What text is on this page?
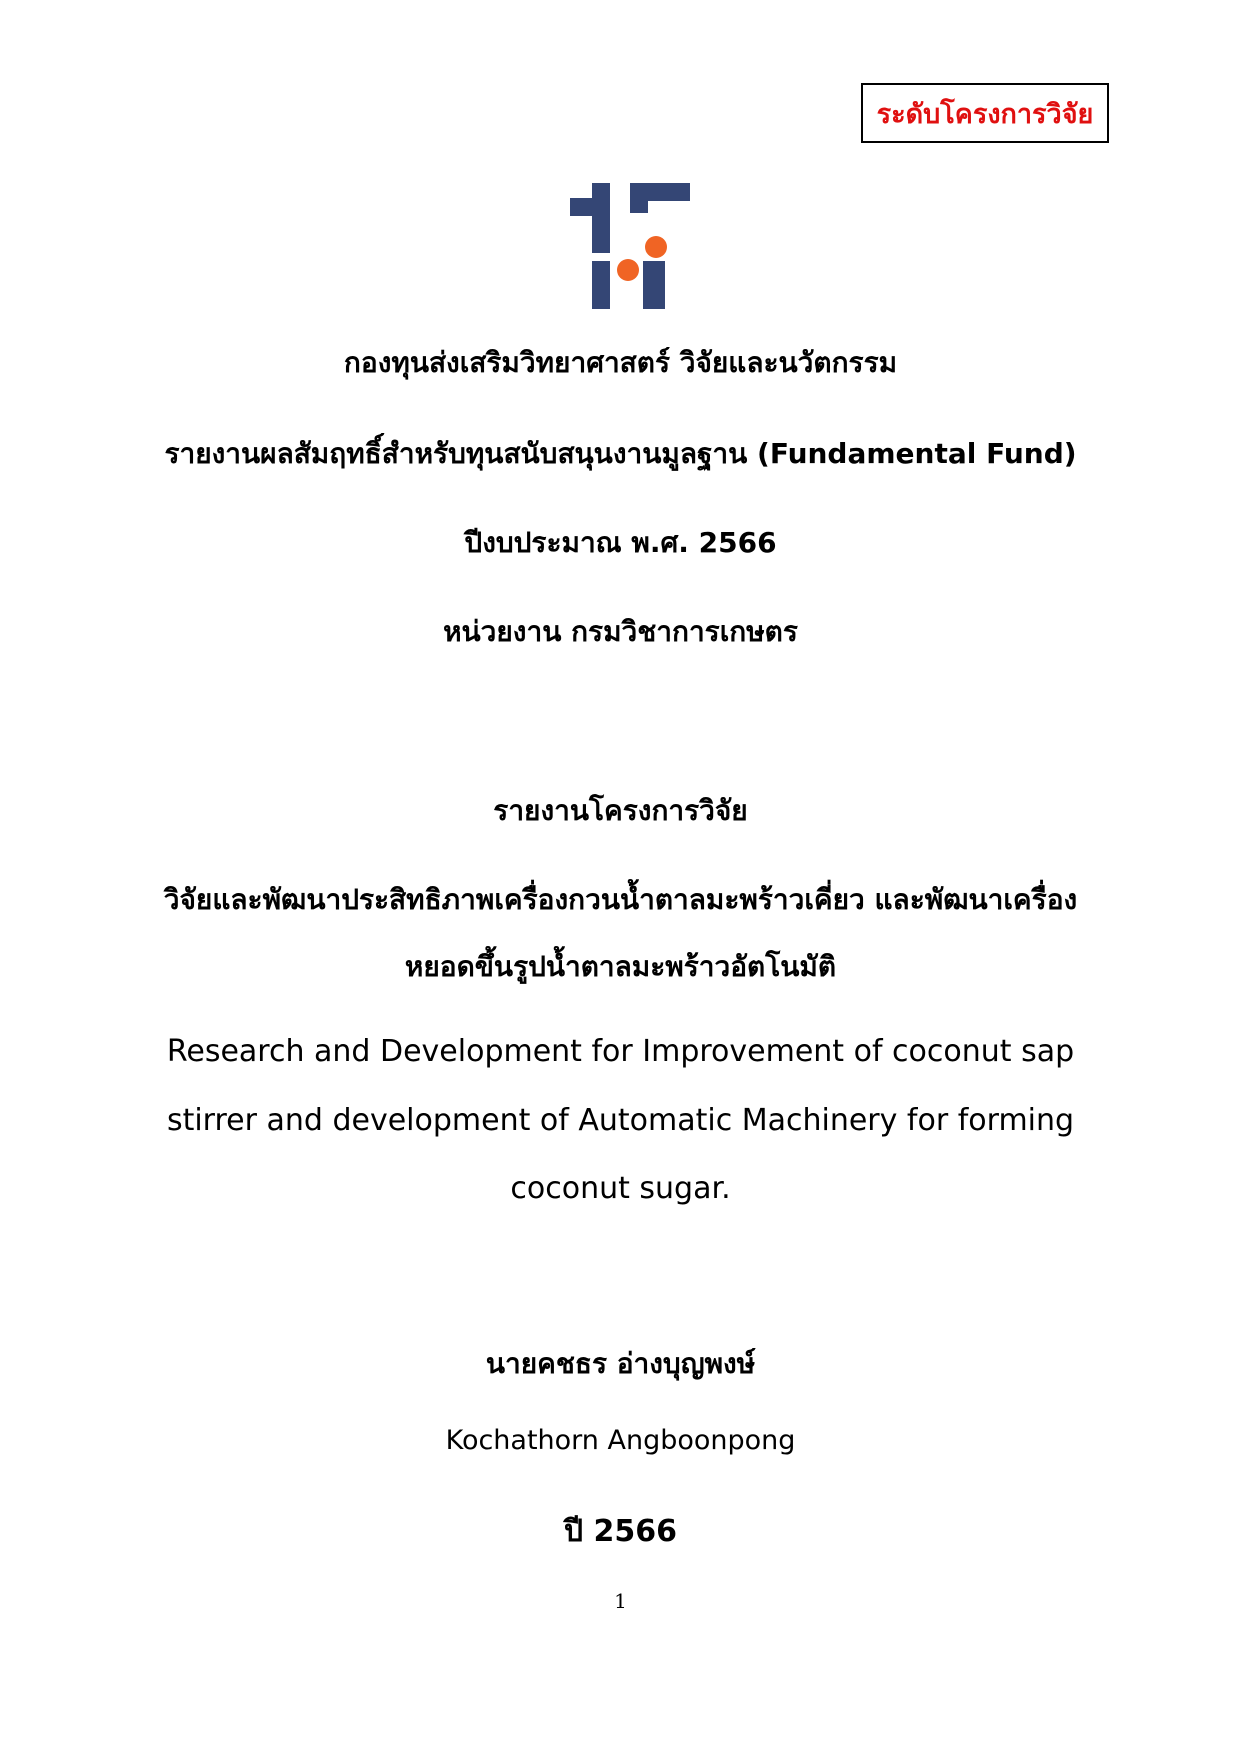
ระดับโครงการวิจัย
กองทุนส่งเสริมวิทยาศาสตร์ วิจัยและนวัตกรรม
รายงานผลสัมฤทธิ์สำหรับทุนสนับสนุนงานมูลฐาน (Fundamental Fund)
ปีงบประมาณ พ.ศ. 2566
หน่วยงาน กรมวิชาการเกษตร
รายงานโครงการวิจัย
วิจัยและพัฒนาประสิทธิภาพเครื่องกวนน้ำตาลมะพร้าวเคี่ยว และพัฒนาเครื่อง
หยอดขึ้นรูปน้ำตาลมะพร้าวอัตโนมัติ
Research and Development for Improvement of coconut sap
stirrer and development of Automatic Machinery for forming
coconut sugar.
นายคชธร อ่างบุญพงษ์
Kochathorn Angboonpong
ปี 2566
1
